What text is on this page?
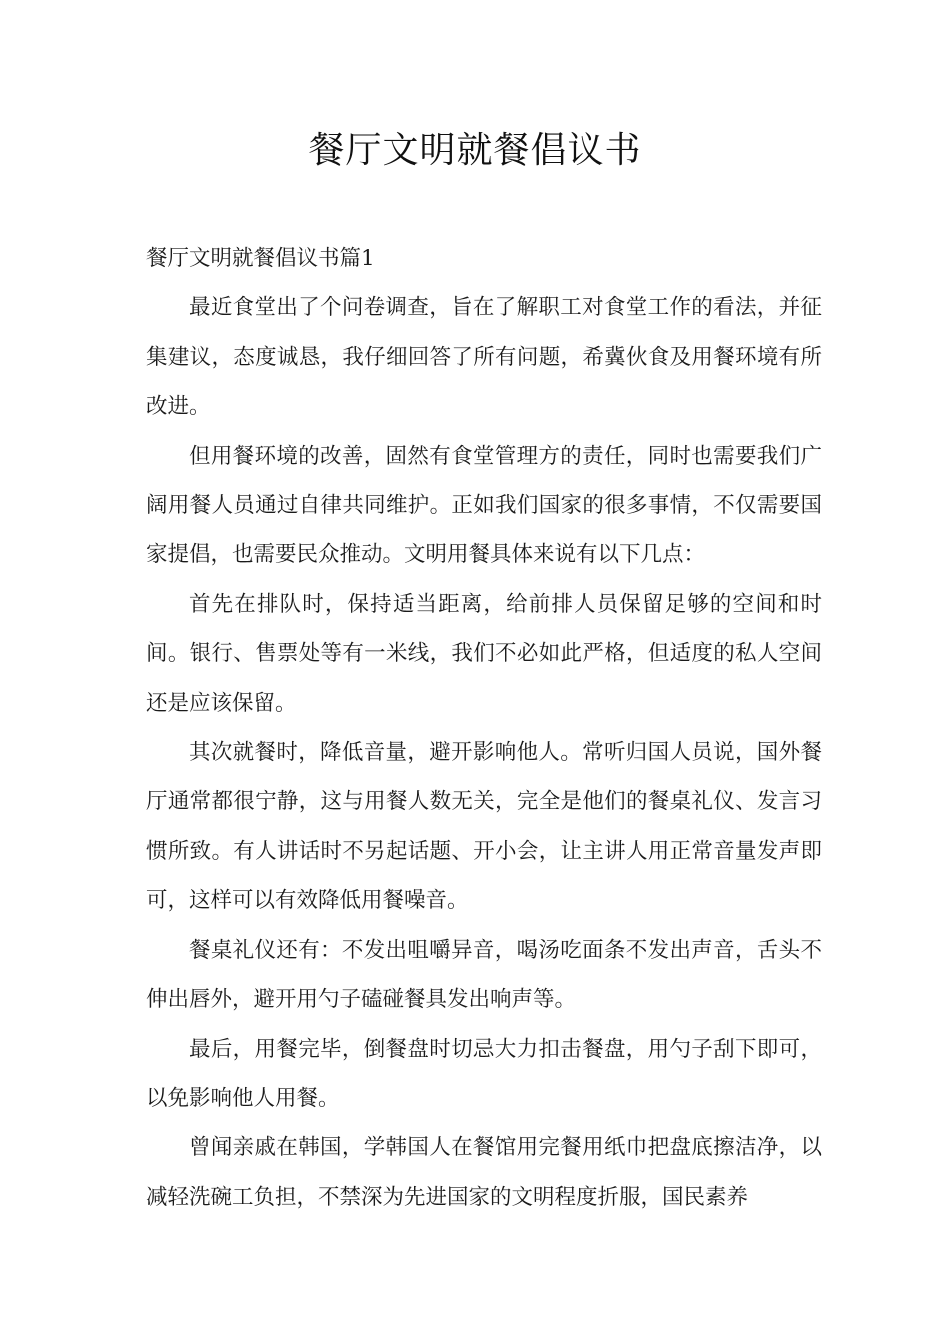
餐厅文明就餐倡议书

餐厅文明就餐倡议书篇1

最近食堂出了个问卷调查，旨在了解职工对食堂工作的看法，并征集建议，态度诚恳，我仔细回答了所有问题，希冀伙食及用餐环境有所改进。

但用餐环境的改善，固然有食堂管理方的责任，同时也需要我们广阔用餐人员通过自律共同维护。正如我们国家的很多事情，不仅需要国家提倡，也需要民众推动。文明用餐具体来说有以下几点：

首先在排队时，保持适当距离，给前排人员保留足够的空间和时间。银行、售票处等有一米线，我们不必如此严格，但适度的私人空间还是应该保留。

其次就餐时，降低音量，避开影响他人。常听归国人员说，国外餐厅通常都很宁静，这与用餐人数无关，完全是他们的餐桌礼仪、发言习惯所致。有人讲话时不另起话题、开小会，让主讲人用正常音量发声即可，这样可以有效降低用餐噪音。

餐桌礼仪还有：不发出咀嚼异音，喝汤吃面条不发出声音，舌头不伸出唇外，避开用勺子磕碰餐具发出响声等。

最后，用餐完毕，倒餐盘时切忌大力扣击餐盘，用勺子刮下即可，以免影响他人用餐。

曾闻亲戚在韩国，学韩国人在餐馆用完餐用纸巾把盘底擦洁净，以减轻洗碗工负担，不禁深为先进国家的文明程度折服，国民素养
